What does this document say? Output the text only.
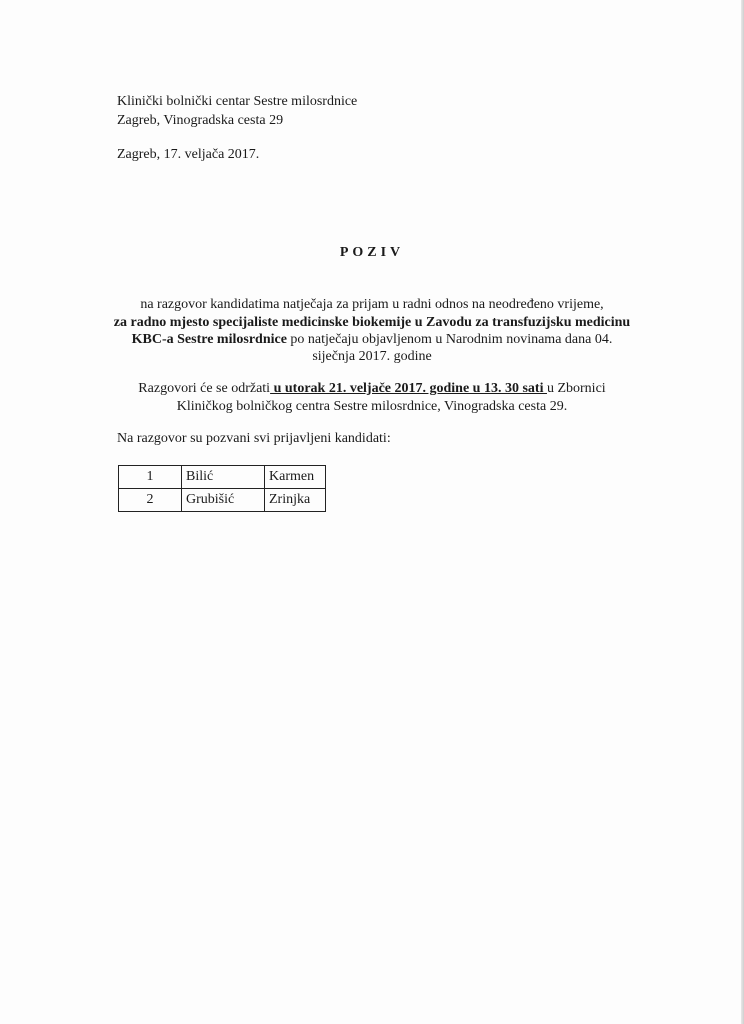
Klinički bolnički centar Sestre milosrdnice
Zagreb, Vinogradska cesta 29
Zagreb, 17. veljača 2017.
POZIV
na razgovor kandidatima natječaja za prijam u radni odnos na neodređeno vrijeme,
za radno mjesto specijaliste medicinske biokemije u Zavodu za transfuzijsku medicinu
KBC-a Sestre milosrdnice po natječaju objavljenom u Narodnim novinama dana 04.
siječnja 2017. godine
Razgovori će se održati u utorak 21. veljače 2017. godine u 13. 30 sati u Zbornici
Kliničkog bolničkog centra Sestre milosrdnice, Vinogradska cesta 29.
Na razgovor su pozvani svi prijavljeni kandidati:
1	Bilić	Karmen
2	Grubišić	Zrinjka
